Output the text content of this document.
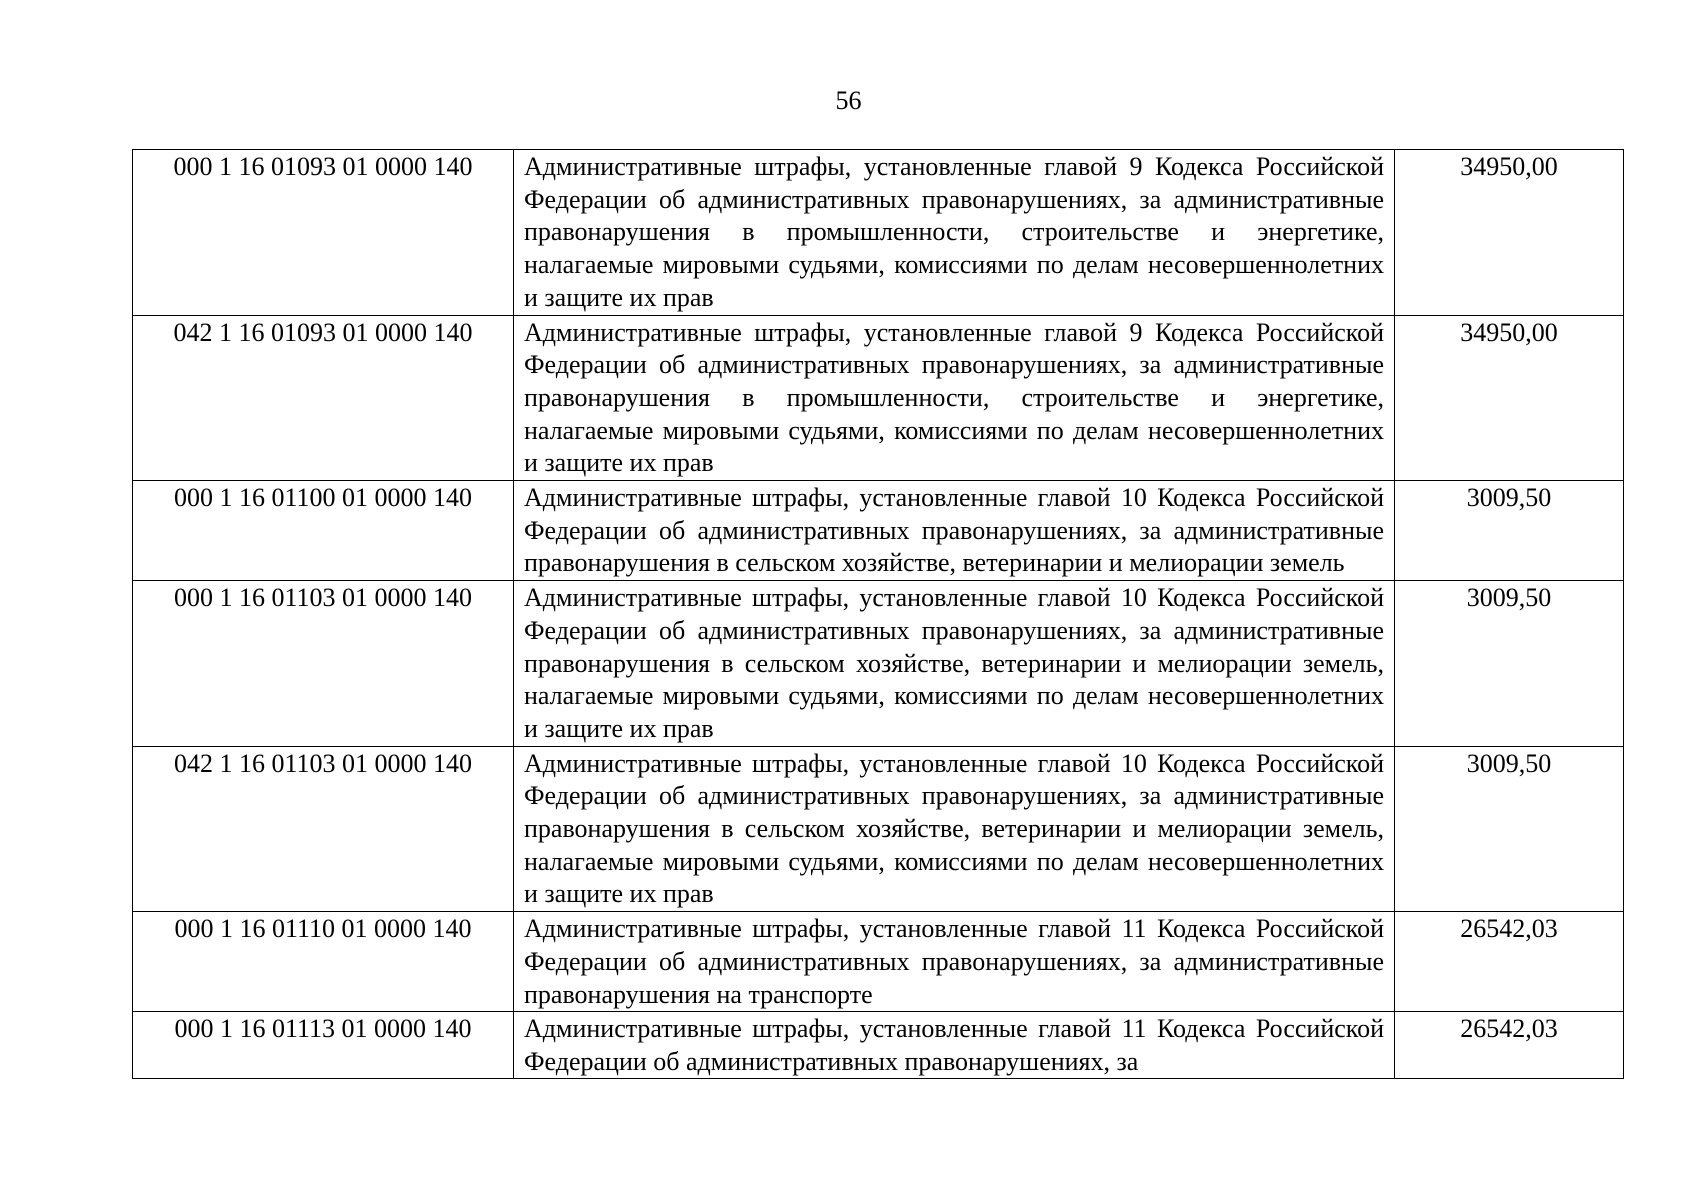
56
000 1 16 01093 01 0000 140	Административные штрафы, установленные главой 9 Кодекса Российской Федерации об административных правонарушениях, за административные правонарушения в промышленности, строительстве и энергетике, налагаемые мировыми судьями, комиссиями по делам несовершеннолетних и защите их прав	34950,00
042 1 16 01093 01 0000 140	Административные штрафы, установленные главой 9 Кодекса Российской Федерации об административных правонарушениях, за административные правонарушения в промышленности, строительстве и энергетике, налагаемые мировыми судьями, комиссиями по делам несовершеннолетних и защите их прав	34950,00
000 1 16 01100 01 0000 140	Административные штрафы, установленные главой 10 Кодекса Российской Федерации об административных правонарушениях, за административные правонарушения в сельском хозяйстве, ветеринарии и мелиорации земель	3009,50
000 1 16 01103 01 0000 140	Административные штрафы, установленные главой 10 Кодекса Российской Федерации об административных правонарушениях, за административные правонарушения в сельском хозяйстве, ветеринарии и мелиорации земель, налагаемые мировыми судьями, комиссиями по делам несовершеннолетних и защите их прав	3009,50
042 1 16 01103 01 0000 140	Административные штрафы, установленные главой 10 Кодекса Российской Федерации об административных правонарушениях, за административные правонарушения в сельском хозяйстве, ветеринарии и мелиорации земель, налагаемые мировыми судьями, комиссиями по делам несовершеннолетних и защите их прав	3009,50
000 1 16 01110 01 0000 140	Административные штрафы, установленные главой 11 Кодекса Российской Федерации об административных правонарушениях, за административные правонарушения на транспорте	26542,03
000 1 16 01113 01 0000 140	Административные штрафы, установленные главой 11 Кодекса Российской Федерации об административных правонарушениях, за	26542,03
